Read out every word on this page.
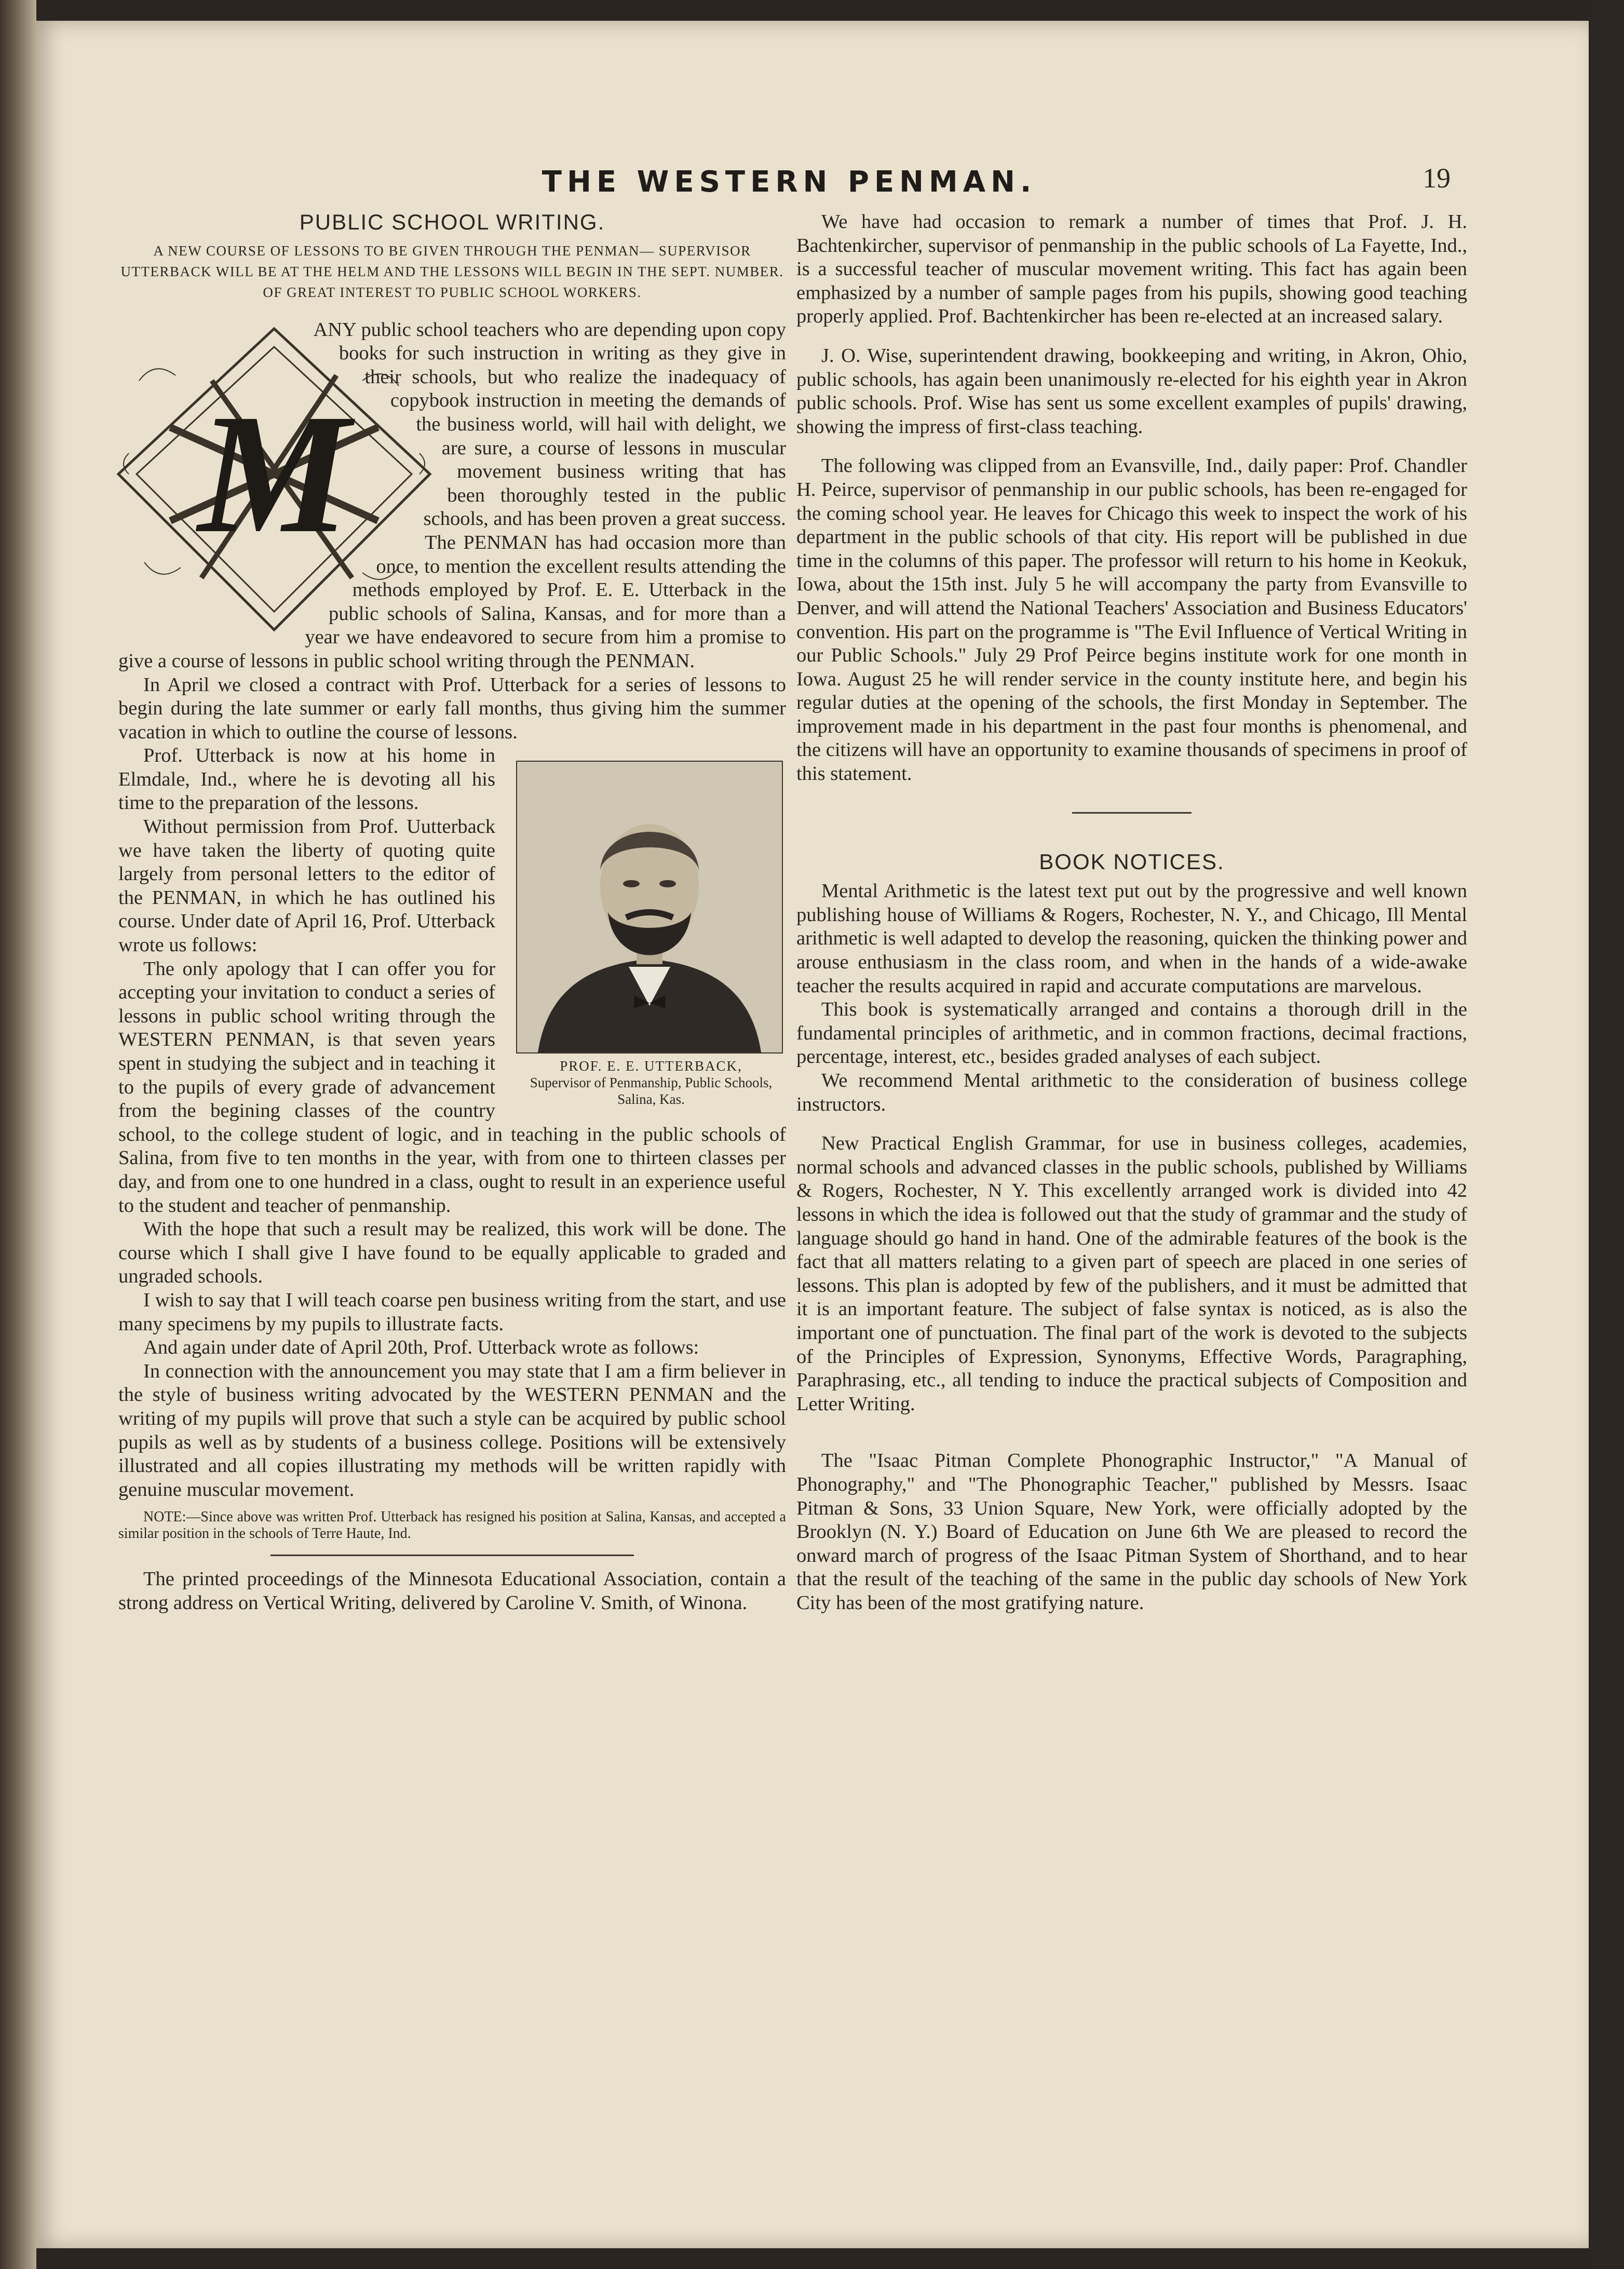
THE WESTERN PENMAN.	19

PUBLIC SCHOOL WRITING.

A NEW COURSE OF LESSONS TO BE GIVEN THROUGH THE PENMAN— SUPERVISOR UTTERBACK WILL BE AT THE HELM AND THE LESSONS WILL BEGIN IN THE SEPT. NUMBER. OF GREAT INTEREST TO PUBLIC SCHOOL WORKERS.

M

ANY public school teachers who are depending upon copy books for such instruction in writing as they give in their schools, but who realize the inadequacy of copybook instruction in meeting the demands of the business world, will hail with delight, we are sure, a course of lessons in muscular movement business writing that has been thoroughly tested in the public schools, and has been proven a great success.

The PENMAN has had occasion more than once, to mention the excellent results attending the methods employed by Prof. E. E. Utterback in the public schools of Salina, Kansas, and for more than a year we have endeavored to secure from him a promise to give a course of lessons in public school writing through the PENMAN.

In April we closed a contract with Prof. Utterback for a series of lessons to begin during the late summer or early fall months, thus giving him the summer vacation in which to outline the course of lessons.

PROF. E. E. UTTERBACK,
Supervisor of Penmanship, Public Schools, Salina, Kas.

Prof. Utterback is now at his home in Elmdale, Ind., where he is devoting all his time to the preparation of the lessons.

Without permission from Prof. Uutterback we have taken the liberty of quoting quite largely from personal letters to the editor of the PENMAN, in which he has outlined his course. Under date of April 16, Prof. Utterback wrote us follows:

The only apology that I can offer you for accepting your invitation to conduct a series of lessons in public school writing through the WESTERN PENMAN, is that seven years spent in studying the subject and in teaching it to the pupils of every grade of advancement from the begining classes of the country school, to the college student of logic, and in teaching in the public schools of Salina, from five to ten months in the year, with from one to thirteen classes per day, and from one to one hundred in a class, ought to result in an experience useful to the student and teacher of penmanship.

With the hope that such a result may be realized, this work will be done. The course which I shall give I have found to be equally applicable to graded and ungraded schools.

I wish to say that I will teach coarse pen business writing from the start, and use many specimens by my pupils to illustrate facts.

And again under date of April 20th, Prof. Utterback wrote as follows:

In connection with the announcement you may state that I am a firm believer in the style of business writing advocated by the WESTERN PENMAN and the writing of my pupils will prove that such a style can be acquired by public school pupils as well as by students of a business college. Positions will be extensively illustrated and all copies illustrating my methods will be written rapidly with genuine muscular movement.

NOTE:—Since above was written Prof. Utterback has resigned his position at Salina, Kansas, and accepted a similar position in the schools of Terre Haute, Ind.

The printed proceedings of the Minnesota Educational Association, contain a strong address on Vertical Writing, delivered by Caroline V. Smith, of Winona.

We have had occasion to remark a number of times that Prof. J. H. Bachtenkircher, supervisor of penmanship in the public schools of La Fayette, Ind., is a successful teacher of muscular movement writing. This fact has again been emphasized by a number of sample pages from his pupils, showing good teaching properly applied. Prof. Bachtenkircher has been re-elected at an increased salary.

J. O. Wise, superintendent drawing, bookkeeping and writing, in Akron, Ohio, public schools, has again been unanimously re-elected for his eighth year in Akron public schools. Prof. Wise has sent us some excellent examples of pupils' drawing, showing the impress of first-class teaching.

The following was clipped from an Evansville, Ind., daily paper: Prof. Chandler H. Peirce, supervisor of penmanship in our public schools, has been re-engaged for the coming school year. He leaves for Chicago this week to inspect the work of his department in the public schools of that city. His report will be published in due time in the columns of this paper. The professor will return to his home in Keokuk, Iowa, about the 15th inst. July 5 he will accompany the party from Evansville to Denver, and will attend the National Teachers' Association and Business Educators' convention. His part on the programme is "The Evil Influence of Vertical Writing in our Public Schools." July 29 Prof Peirce begins institute work for one month in Iowa. August 25 he will render service in the county institute here, and begin his regular duties at the opening of the schools, the first Monday in September. The improvement made in his department in the past four months is phenomenal, and the citizens will have an opportunity to examine thousands of specimens in proof of this statement.

BOOK NOTICES.

Mental Arithmetic is the latest text put out by the progressive and well known publishing house of Williams & Rogers, Rochester, N. Y., and Chicago, Ill Mental arithmetic is well adapted to develop the reasoning, quicken the thinking power and arouse enthusiasm in the class room, and when in the hands of a wide-awake teacher the results acquired in rapid and accurate computations are marvelous.

This book is systematically arranged and contains a thorough drill in the fundamental principles of arithmetic, and in common fractions, decimal fractions, percentage, interest, etc., besides graded analyses of each subject.

We recommend Mental arithmetic to the consideration of business college instructors.

New Practical English Grammar, for use in business colleges, academies, normal schools and advanced classes in the public schools, published by Williams & Rogers, Rochester, N Y. This excellently arranged work is divided into 42 lessons in which the idea is followed out that the study of grammar and the study of language should go hand in hand. One of the admirable features of the book is the fact that all matters relating to a given part of speech are placed in one series of lessons. This plan is adopted by few of the publishers, and it must be admitted that it is an important feature. The subject of false syntax is noticed, as is also the important one of punctuation. The final part of the work is devoted to the subjects of the Principles of Expression, Synonyms, Effective Words, Paragraphing, Paraphrasing, etc., all tending to induce the practical subjects of Composition and Letter Writing.

The "Isaac Pitman Complete Phonographic Instructor," "A Manual of Phonography," and "The Phonographic Teacher," published by Messrs. Isaac Pitman & Sons, 33 Union Square, New York, were officially adopted by the Brooklyn (N. Y.) Board of Education on June 6th We are pleased to record the onward march of progress of the Isaac Pitman System of Shorthand, and to hear that the result of the teaching of the same in the public day schools of New York City has been of the most gratifying nature.
